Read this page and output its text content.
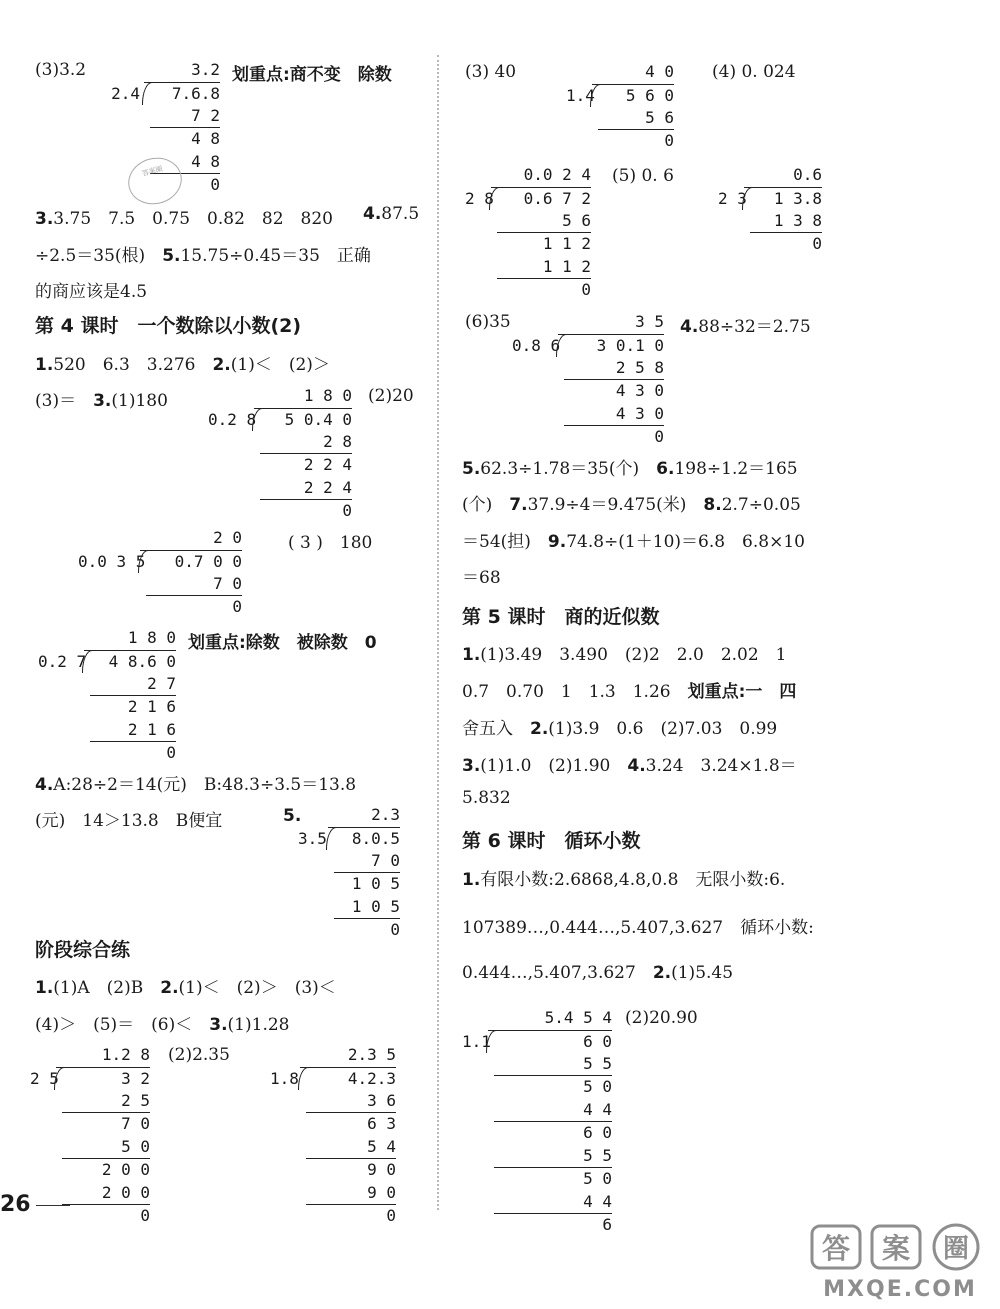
(3)3.2	划重点:商不变　除数
3.2
2.4	7.6.8
7 2
4 8
4 8
0
答案圈
3.3.75　7.5　0.75　0.82　82　820 4.87.5
÷2.5＝35(根)　 5.15.75÷0.45＝35　正确
的商应该是4.5
第 4 课时　一个数除以小数(2)
1.520　6.3　3.276　 2.(1)＜　(2)＞
(3)＝　 3.(1)180	(2)20
1 8 0
0.2 8	5 0.4 0
2 8
2 2 4
2 2 4
0
2 0
0.0 3 5	0.7 0 0
7 0
0
( 3 )　180
1 8 0
0.2 7	4 8.6 0
2 7
2 1 6
2 1 6
0
划重点:除数　被除数　0
4.A:28÷2＝14(元)　B:48.3÷3.5＝13.8
(元)　14＞13.8　B便宜	5.	2.3
3.5	8.0.5
7 0
1 0 5
1 0 5
0
阶段综合练
1.(1)A　(2)B　 2.(1)＜　(2)＞　(3)＜
(4)＞　(5)＝　(6)＜　 3.(1)1.28
1.2 8
2 5	3 2
2 5
7 0
5 0
2 0 0
2 0 0
0
(2)2.35	2.3 5
1.8	4.2.3
3 6
6 3
5 4
9 0
9 0
0
26
(3) 40	(4) 0. 024
4 0
1.4	5 6 0
5 6
0
0.0 2 4
2 8	0.6 7 2
5 6
1 1 2
1 1 2
0
(5) 0. 6	0.6
2 3	1 3.8
1 3 8
0
(6)35	3 5
0.8 6	3 0.1 0
2 5 8
4 3 0
4 3 0
0
4.88÷32＝2.75
5.62.3÷1.78＝35(个)　 6.198÷1.2＝165
(个)　 7.37.9÷4＝9.475(米)　 8.2.7÷0.05
＝54(担)　 9.74.8÷(1＋10)＝6.8　6.8×10
＝68
第 5 课时　商的近似数
1.(1)3.49　3.490　(2)2　2.0　2.02　1
0.7　0.70　1　1.3　1.26　 划重点:一　四
舍五入　 2.(1)3.9　0.6　(2)7.03　0.99
3.(1)1.0　(2)1.90　 4.3.24　3.24×1.8＝
5.832
第 6 课时　循环小数
1.有限小数:2.6868,4.8,0.8　无限小数:6.
107389…,0.444…,5.407,3.627　循环小数:
0.444…,5.407,3.627　 2.(1)5.45
5.4 5 4
1.1	6 0
5 5
5 0
4 4
6 0
5 5
5 0
4 4
6
(2)20.90
答 案 圈
MXQE.COM
